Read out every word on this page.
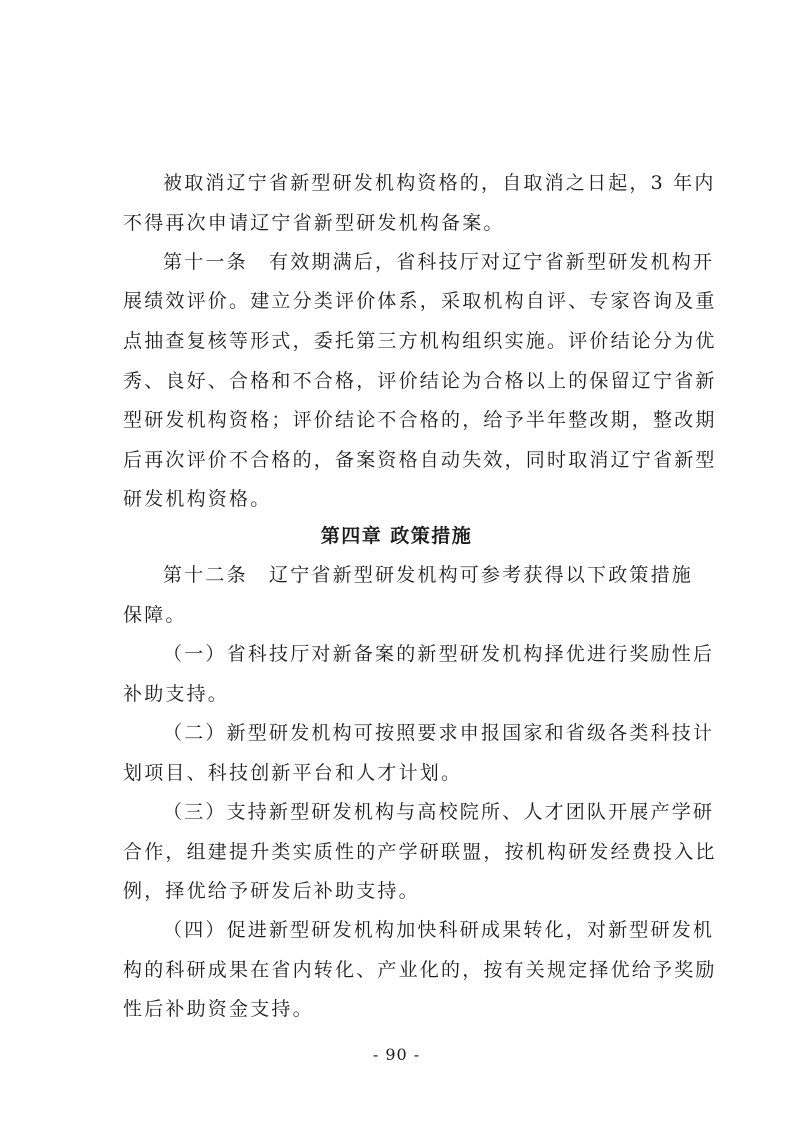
被取消辽宁省新型研发机构资格的，自取消之日起，3 年内
不得再次申请辽宁省新型研发机构备案。
第十一条　有效期满后，省科技厅对辽宁省新型研发机构开
展绩效评价。建立分类评价体系，采取机构自评、专家咨询及重
点抽查复核等形式，委托第三方机构组织实施。评价结论分为优
秀、良好、合格和不合格，评价结论为合格以上的保留辽宁省新
型研发机构资格；评价结论不合格的，给予半年整改期，整改期
后再次评价不合格的，备案资格自动失效，同时取消辽宁省新型
研发机构资格。
第四章 政策措施
第十二条　辽宁省新型研发机构可参考获得以下政策措施
保障。
（一）省科技厅对新备案的新型研发机构择优进行奖励性后
补助支持。
（二）新型研发机构可按照要求申报国家和省级各类科技计
划项目、科技创新平台和人才计划。
（三）支持新型研发机构与高校院所、人才团队开展产学研
合作，组建提升类实质性的产学研联盟，按机构研发经费投入比
例，择优给予研发后补助支持。
（四）促进新型研发机构加快科研成果转化，对新型研发机
构的科研成果在省内转化、产业化的，按有关规定择优给予奖励
性后补助资金支持。
- 90 -
